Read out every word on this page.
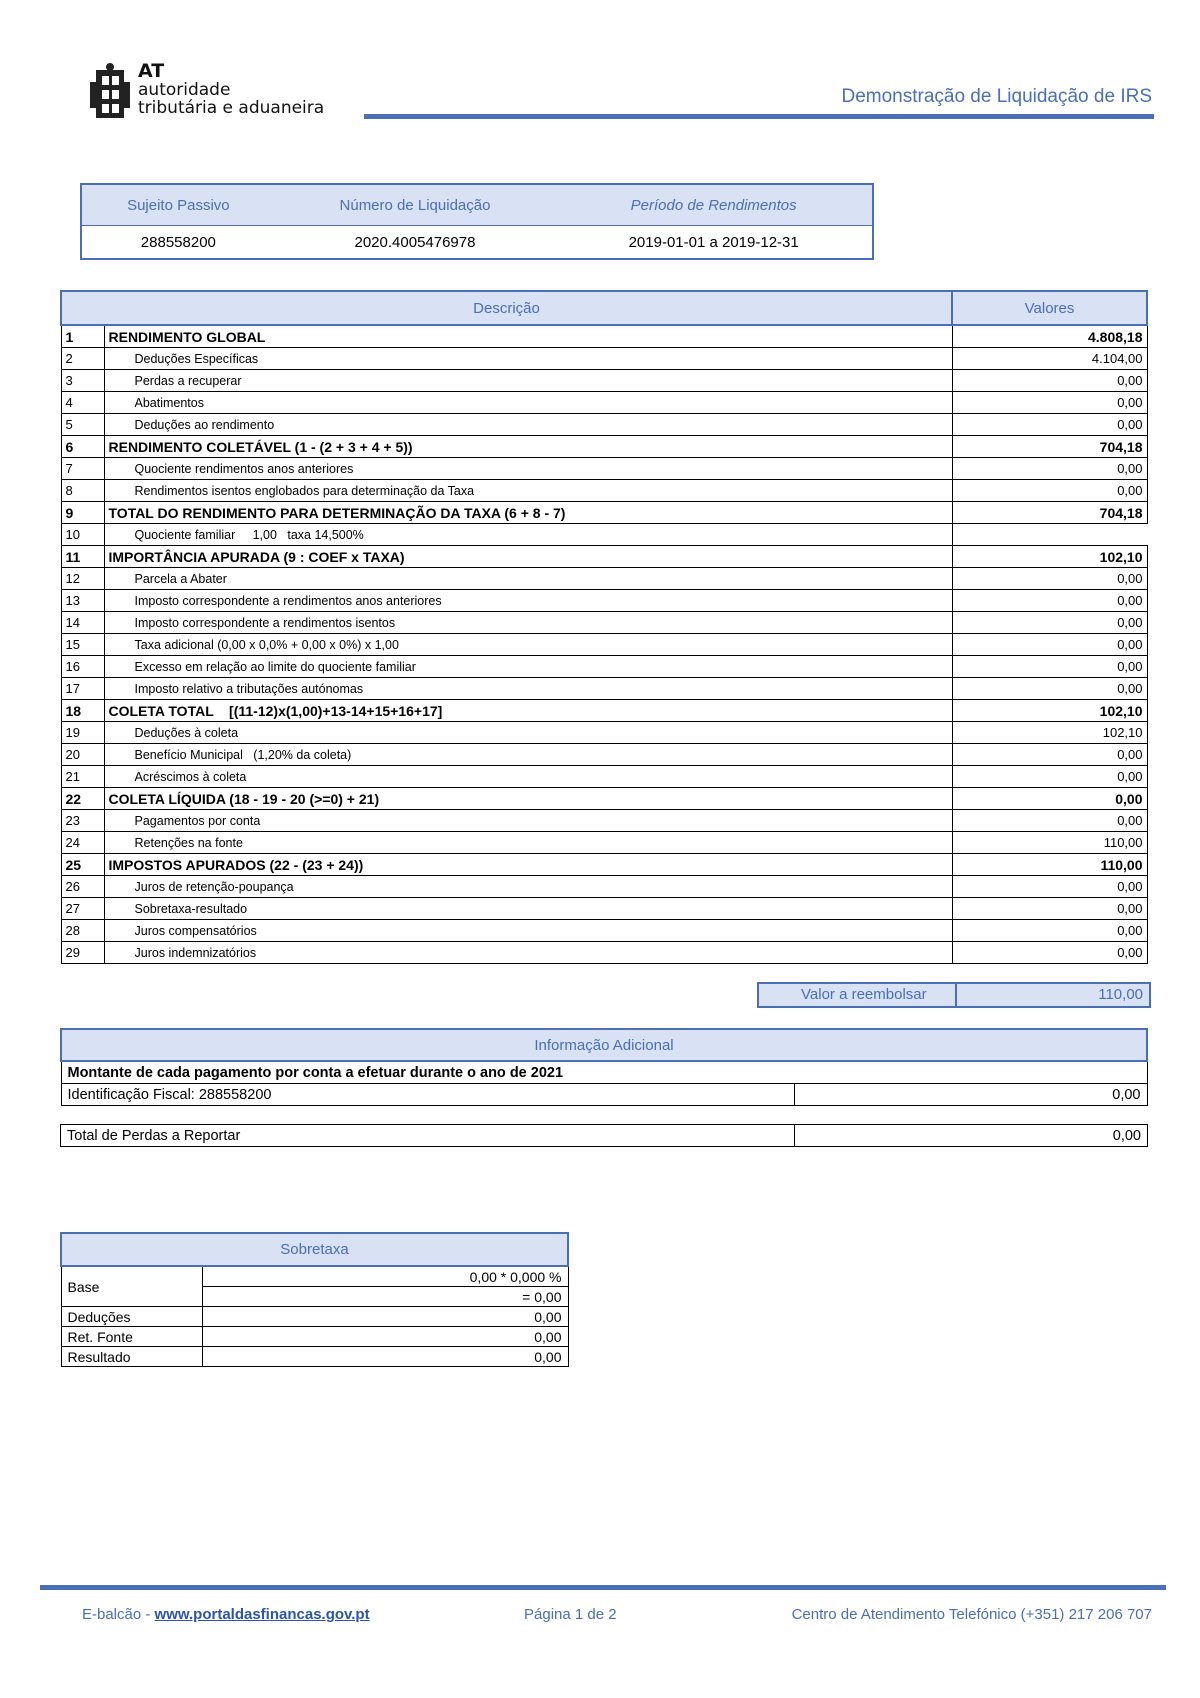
AT
autoridade
tributária e aduaneira
Demonstração de Liquidação de IRS
Sujeito Passivo	Número de Liquidação	Período de Rendimentos
288558200	2020.4005476978	2019-01-01 a 2019-12-31
Descrição		Valores
1	RENDIMENTO GLOBAL	4.808,18
2	Deduções Específicas	4.104,00
3	Perdas a recuperar	0,00
4	Abatimentos	0,00
5	Deduções ao rendimento	0,00
6	RENDIMENTO COLETÁVEL (1 - (2 + 3 + 4 + 5))	704,18
7	Quociente rendimentos anos anteriores	0,00
8	Rendimentos isentos englobados para determinação da Taxa	0,00
9	TOTAL DO RENDIMENTO PARA DETERMINAÇÃO DA TAXA (6 + 8 - 7)	704,18
10	Quociente familiar     1,00   taxa 14,500%	
11	IMPORTÂNCIA APURADA (9 : COEF x TAXA)	102,10
12	Parcela a Abater	0,00
13	Imposto correspondente a rendimentos anos anteriores	0,00
14	Imposto correspondente a rendimentos isentos	0,00
15	Taxa adicional (0,00 x 0,0% + 0,00 x 0%) x 1,00	0,00
16	Excesso em relação ao limite do quociente familiar	0,00
17	Imposto relativo a tributações autónomas	0,00
18	COLETA TOTAL    [(11-12)x(1,00)+13-14+15+16+17]	102,10
19	Deduções à coleta	102,10
20	Benefício Municipal   (1,20% da coleta)	0,00
21	Acréscimos à coleta	0,00
22	COLETA LÍQUIDA (18 - 19 - 20 (>=0) + 21)	0,00
23	Pagamentos por conta	0,00
24	Retenções na fonte	110,00
25	IMPOSTOS APURADOS (22 - (23 + 24))	110,00
26	Juros de retenção-poupança	0,00
27	Sobretaxa-resultado	0,00
28	Juros compensatórios	0,00
29	Juros indemnizatórios	0,00
Valor a reembolsar	110,00
Informação Adicional
Montante de cada pagamento por conta a efetuar durante o ano de 2021
Identificação Fiscal: 288558200	0,00
Total de Perdas a Reportar	0,00
Sobretaxa	
Base	0,00 * 0,000 %
	= 0,00
Deduções	0,00
Ret. Fonte	0,00
Resultado	0,00
E-balcão - www.portaldasfinancas.gov.pt	Página 1 de 2	Centro de Atendimento Telefónico (+351) 217 206 707
